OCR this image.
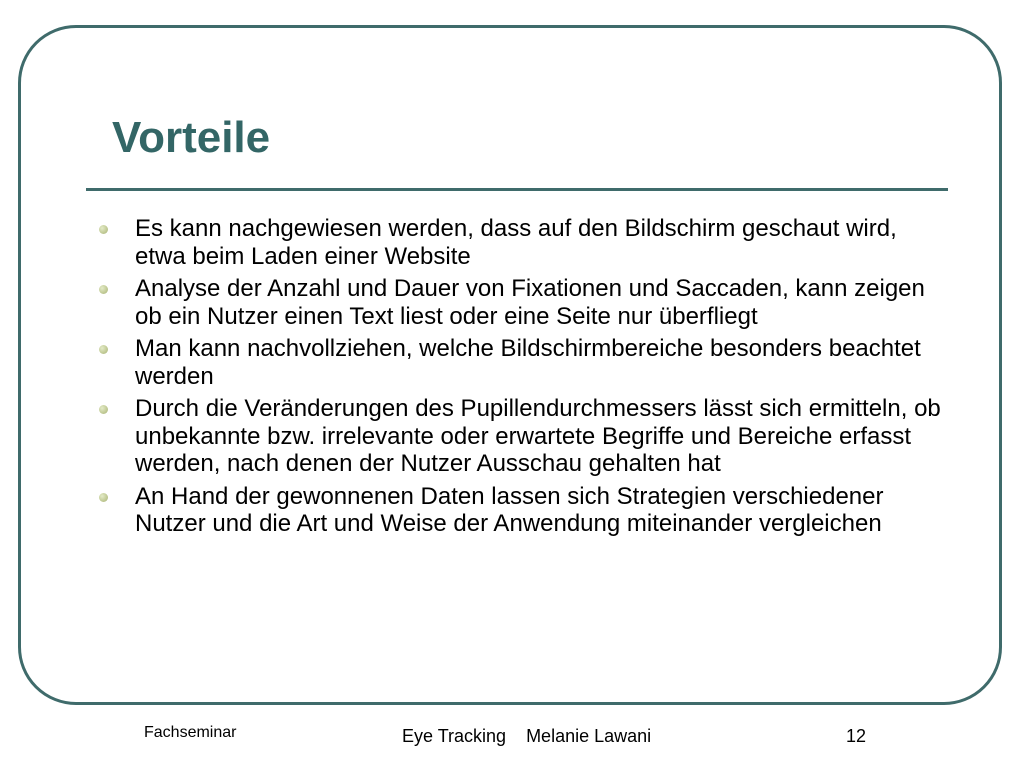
Vorteile
Es kann nachgewiesen werden, dass auf den Bildschirm geschaut wird, etwa beim Laden einer Website
Analyse der Anzahl und Dauer von Fixationen und Saccaden, kann zeigen ob ein Nutzer einen Text liest oder eine Seite nur überfliegt
Man kann nachvollziehen, welche Bildschirmbereiche besonders beachtet werden
Durch die Veränderungen des Pupillendurchmessers lässt sich ermitteln, ob unbekannte bzw. irrelevante oder erwartete Begriffe und Bereiche erfasst werden, nach denen der Nutzer Ausschau gehalten hat
An Hand der gewonnenen Daten lassen sich Strategien verschiedener Nutzer und die Art und Weise der Anwendung miteinander vergleichen
Fachseminar	Eye Tracking Melanie Lawani	12
